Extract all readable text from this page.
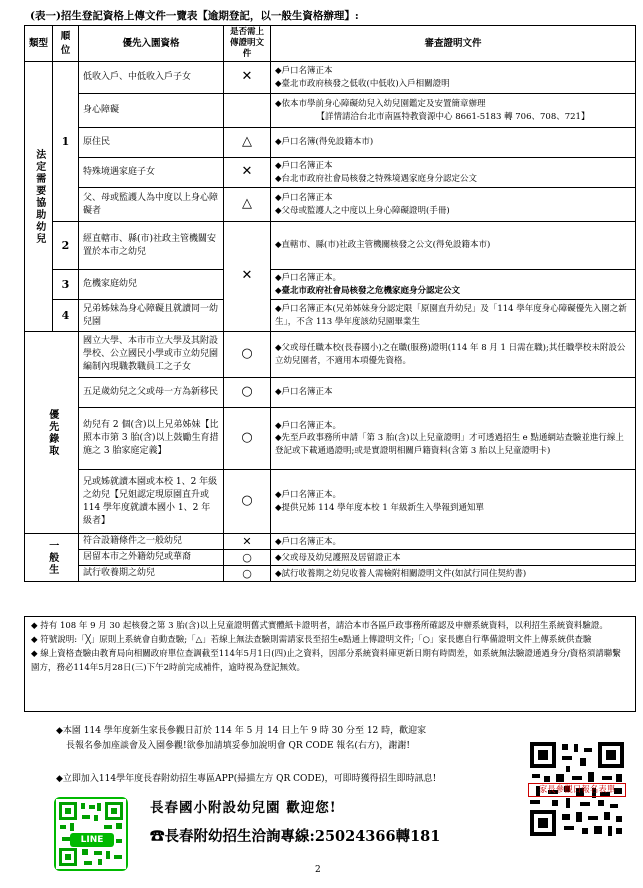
(表一)招生登記資格上傳文件一覽表【逾期登記，以一般生資格辦理】:
類型	順位	優先入園資格	是否需上傳證明文件	審查證明文件
法定需要協助幼兒	1	低收入戶、中低收入戶子女	✕	◆戶口名簿正本
◆臺北市政府核發之低收(中低收)入戶相關證明

		身心障礙		◆依本市學前身心障礙幼兒入幼兒園鑑定及安置簡章辦理
【詳情請洽台北市南區特教資源中心 8661-5183 轉 706、708、721】

		原住民	△	◆戶口名簿(得免設籍本市)

		特殊境遇家庭子女	✕	◆戶口名簿正本
◆台北市政府社會局核發之特殊境遇家庭身分認定公文

		父、母或監護人為中度以上身心障礙者	△	◆戶口名簿正本
◆父母或監護人之中度以上身心障礙證明(手冊)

	2	經直轄市、縣(市)社政主管機關安置於本市之幼兒	✕	◆直轄市、縣(市)社政主管機關核發之公文(得免設籍本市)

	3	危機家庭幼兒		◆戶口名簿正本。
◆臺北市政府社會局核發之危機家庭身分認定公文

	4	兄弟姊妹為身心障礙且就讀同一幼兒園		◆戶口名簿正本(兄弟姊妹身分認定限「原園直升幼兒」及「114 學年度身心障礙優先入園之新生」，不含 113 學年度該幼兒園畢業生

優先錄取		國立大學、本市市立大學及其附設學校、公立國民小學或市立幼兒園編制內現職教職員工之子女	○	◆父或母任職本校(長春國小)之在職(服務)證明(114 年 8 月 1 日需在職);其任職學校未附設公立幼兒園者，不適用本項優先資格。

		五足歲幼兒之父或母一方為新移民	○	◆戶口名簿正本

		幼兒有 2 個(含)以上兄弟姊妹【比照本市第 3 胎(含)以上鼓勵生育措施之 3 胎家庭定義】	○	◆戶口名簿正本。
◆先至戶政事務所申請「第 3 胎(含)以上兒童證明」才可透過招生 e 點通網站查驗並進行線上登記或下載通過證明;或是實證明相關戶籍資料(含第 3 胎以上兒童證明卡)

		兄或姊就讀本園或本校 1、2 年級之幼兒【兄姐認定現原園直升或 114 學年度就讀本國小 1、2 年級者】	○	◆戶口名簿正本。
◆提供兄姊 114 學年度本校 1 年級新生入學報到通知單

一般生		符合設籍條件之一般幼兒	✕	◆戶口名簿正本。

		居留本市之外籍幼兒或華裔	○	◆父或母及幼兒護照及居留證正本

		試行收養期之幼兒	○	◆試行收養期之幼兒收養人需檢附相關證明文件(如試行同住契約書)

◆ 持有 108 年 9 月 30 起核發之第 3 胎(含)以上兒童證明舊式實體紙卡證明者，請洽本市各區戶政事務所確認及申辦系統資料，以利招生系統資料驗證。

◆ 符號說明:「╳」原則上系統會自動查驗;「△」若線上無法查驗則需請家長至招生e點通上傳證明文件;「○」家長應自行準備證明文件上傳系統供查驗

◆ 線上資格查驗由教育局向相關政府單位查調截至114年5月1日(四)止之資料，因部分系統資料庫更新日期有時間差，如系統無法驗證通過身分/資格須請聯繫園方，務必114年5月28日(三)下午2時前完成補件，逾時視為登記無效。

◆本園 114 學年度新生家長參觀日訂於 114 年 5 月 14 日上午 9 時 30 分至 12 時，歡迎家
長報名參加座談會及入園參觀!欲參加請填妥參加說明會 QR CODE 報名(右方)，謝謝!
◆立即加入114學年度長春附幼招生專區APP(掃描左方 QR CODE)，可即時獲得招生即時訊息!
家長參觀日報名表單
LINE
長春國小附設幼兒園 歡迎您!
☎長春附幼招生洽詢專線:25024366轉181
2
